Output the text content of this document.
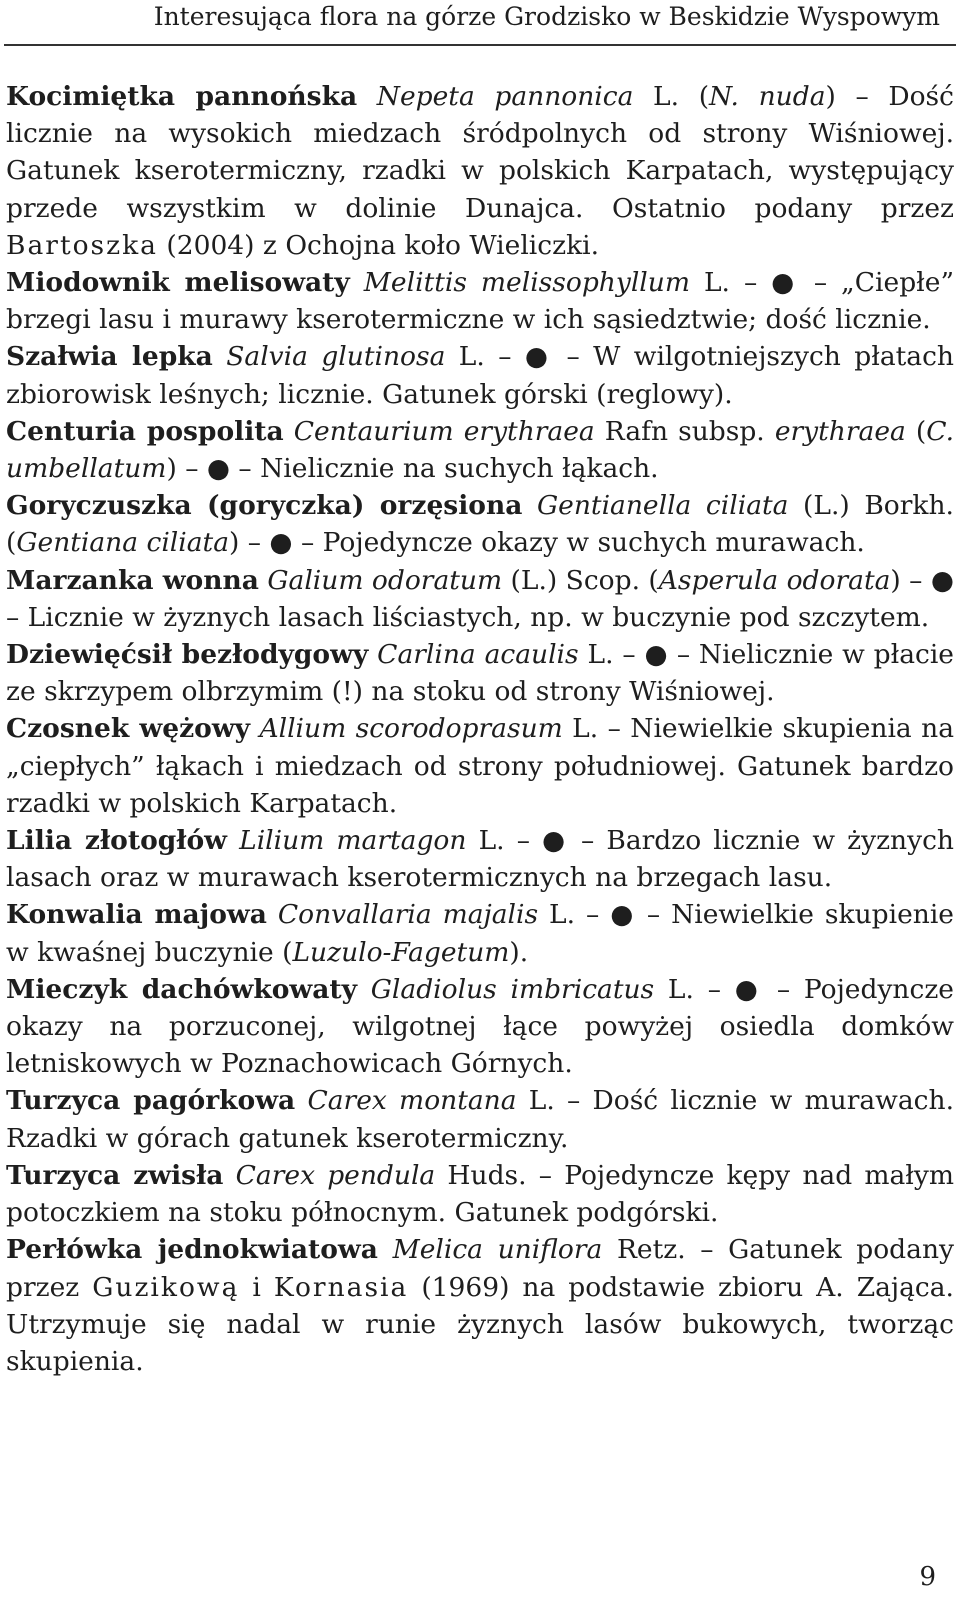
Interesująca flora na górze Grodzisko w Beskidzie Wyspowym

Kocimiętka pannońska Nepeta pannonica L. (N. nuda) – Dość licznie na wysokich miedzach śródpolnych od strony Wiśniowej. Gatunek kserotermiczny, rzadki w polskich Karpatach, występujący przede wszystkim w dolinie Dunajca. Ostatnio podany przez Bartoszka (2004) z Ochojna koło Wieliczki.

Miodownik melisowaty Melittis melissophyllum L. – ● – „Ciepłe” brzegi lasu i murawy kserotermiczne w ich sąsiedztwie; dość licznie.

Szałwia lepka Salvia glutinosa L. – ● – W wilgotniejszych płatach zbiorowisk leśnych; licznie. Gatunek górski (reglowy).

Centuria pospolita Centaurium erythraea Rafn subsp. erythraea (C. umbellatum) – ● – Nielicznie na suchych łąkach.

Goryczuszka (goryczka) orzęsiona Gentianella ciliata (L.) Borkh. (Gentiana ciliata) – ● – Pojedyncze okazy w suchych murawach.

Marzanka wonna Galium odoratum (L.) Scop. (Asperula odorata) – ● – Licznie w żyznych lasach liściastych, np. w buczynie pod szczytem.

Dziewięćsił bezłodygowy Carlina acaulis L. – ● – Nielicznie w płacie ze skrzypem olbrzymim (!) na stoku od strony Wiśniowej.

Czosnek wężowy Allium scorodoprasum L. – Niewielkie skupienia na „ciepłych” łąkach i miedzach od strony południowej. Gatunek bardzo rzadki w polskich Karpatach.

Lilia złotogłów Lilium martagon L. – ● – Bardzo licznie w żyznych lasach oraz w murawach kserotermicznych na brzegach lasu.

Konwalia majowa Convallaria majalis L. – ● – Niewielkie skupienie w kwaśnej buczynie (Luzulo-Fagetum).

Mieczyk dachówkowaty Gladiolus imbricatus L. – ● – Pojedyncze okazy na porzuconej, wilgotnej łące powyżej osiedla domków letniskowych w Poznachowicach Górnych.

Turzyca pagórkowa Carex montana L. – Dość licznie w murawach. Rzadki w górach gatunek kserotermiczny.

Turzyca zwisła Carex pendula Huds. – Pojedyncze kępy nad małym potoczkiem na stoku północnym. Gatunek podgórski.

Perłówka jednokwiatowa Melica uniflora Retz. – Gatunek podany przez Guzikową i Kornasia (1969) na podstawie zbioru A. Zająca. Utrzymuje się nadal w runie żyznych lasów bukowych, tworząc skupienia.

9
